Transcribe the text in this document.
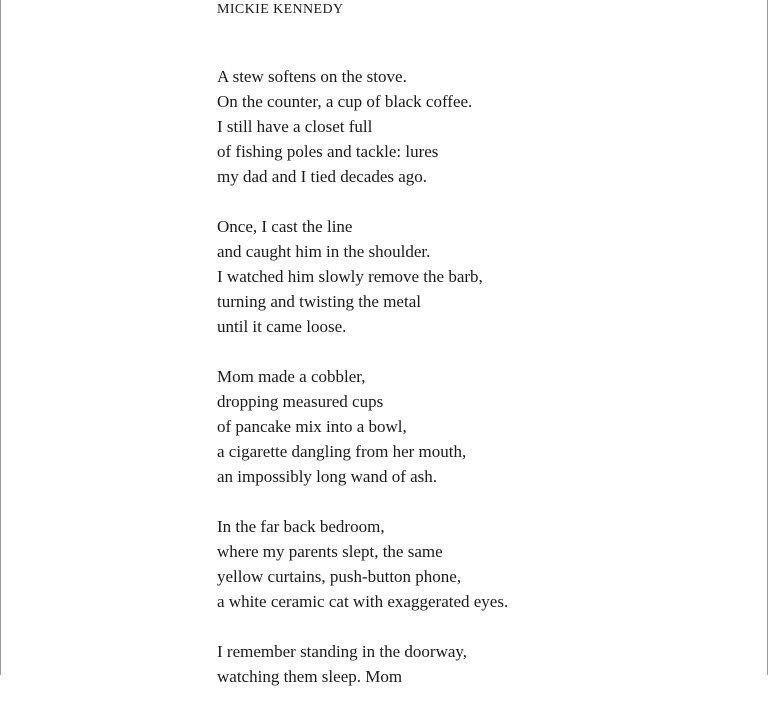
MICKIE KENNEDY

A stew softens on the stove.
On the counter, a cup of black coffee.
I still have a closet full
of fishing poles and tackle: lures
my dad and I tied decades ago.
Once, I cast the line
and caught him in the shoulder.
I watched him slowly remove the barb,
turning and twisting the metal
until it came loose.
Mom made a cobbler,
dropping measured cups
of pancake mix into a bowl,
a cigarette dangling from her mouth,
an impossibly long wand of ash.
In the far back bedroom,
where my parents slept, the same
yellow curtains, push-button phone,
a white ceramic cat with exaggerated eyes.
I remember standing in the doorway,
watching them sleep. Mom
